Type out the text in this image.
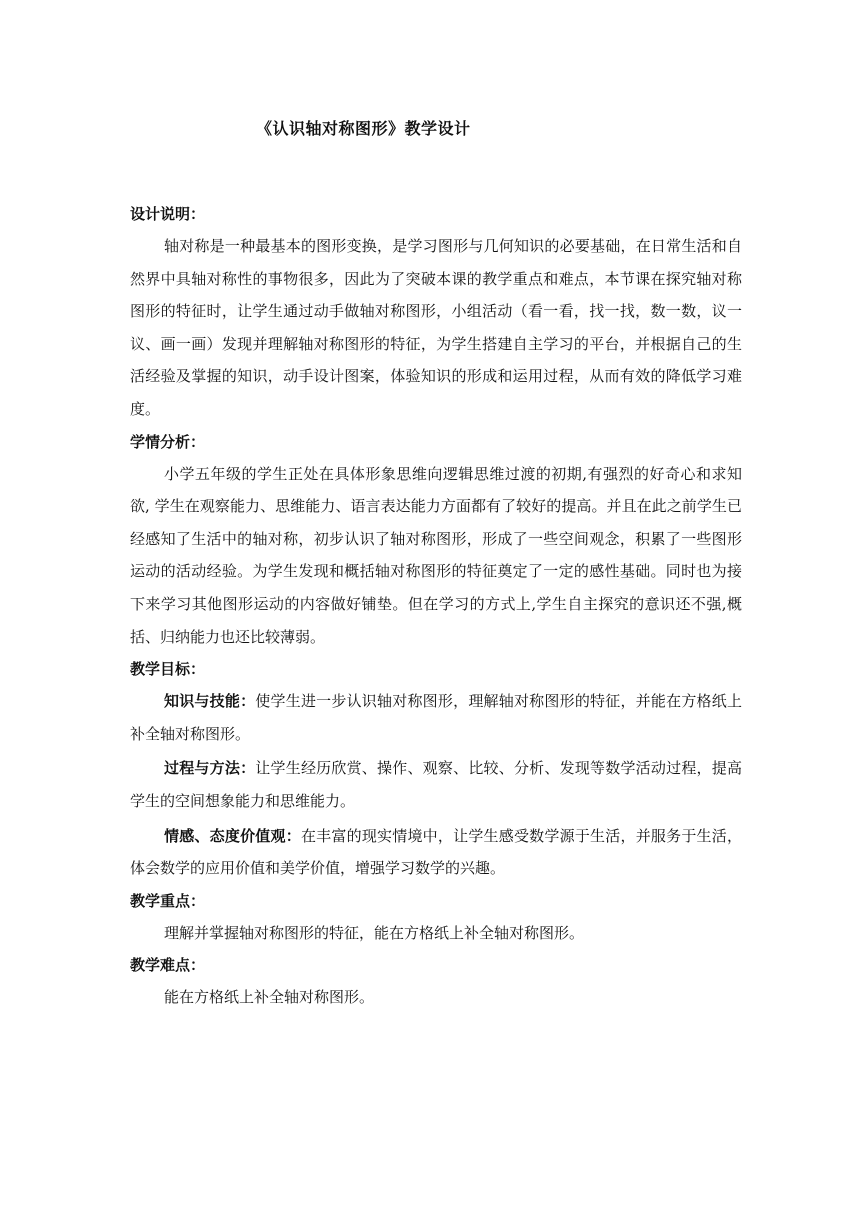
《认识轴对称图形》教学设计

设计说明：

轴对称是一种最基本的图形变换，是学习图形与几何知识的必要基础，在日常生活和自然界中具轴对称性的事物很多，因此为了突破本课的教学重点和难点，本节课在探究轴对称图形的特征时，让学生通过动手做轴对称图形，小组活动（看一看，找一找，数一数，议一议、画一画）发现并理解轴对称图形的特征，为学生搭建自主学习的平台，并根据自己的生活经验及掌握的知识，动手设计图案，体验知识的形成和运用过程，从而有效的降低学习难度。

学情分析：

小学五年级的学生正处在具体形象思维向逻辑思维过渡的初期,有强烈的好奇心和求知欲, 学生在观察能力、思维能力、语言表达能力方面都有了较好的提高。并且在此之前学生已经感知了生活中的轴对称，初步认识了轴对称图形，形成了一些空间观念，积累了一些图形运动的活动经验。为学生发现和概括轴对称图形的特征奠定了一定的感性基础。同时也为接下来学习其他图形运动的内容做好铺垫。但在学习的方式上,学生自主探究的意识还不强,概括、归纳能力也还比较薄弱。

教学目标：

知识与技能：使学生进一步认识轴对称图形，理解轴对称图形的特征，并能在方格纸上补全轴对称图形。

过程与方法：让学生经历欣赏、操作、观察、比较、分析、发现等数学活动过程，提高学生的空间想象能力和思维能力。

情感、态度价值观：在丰富的现实情境中，让学生感受数学源于生活，并服务于生活，体会数学的应用价值和美学价值，增强学习数学的兴趣。

教学重点：

理解并掌握轴对称图形的特征，能在方格纸上补全轴对称图形。

教学难点：

能在方格纸上补全轴对称图形。
